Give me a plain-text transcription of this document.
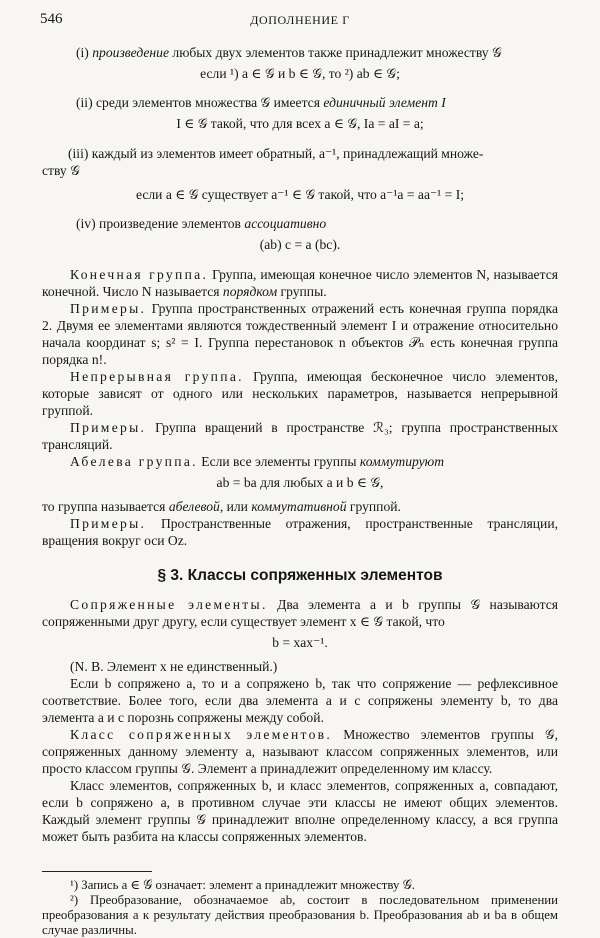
546	ДОПОЛНЕНИЕ Г
(i) произведение любых двух элементов также принадлежит множеству 𝒢
если ¹) a ∈ 𝒢 и b ∈ 𝒢, то ²) ab ∈ 𝒢;
(ii) среди элементов множества 𝒢 имеется единичный элемент I
I ∈ 𝒢 такой, что для всех a ∈ 𝒢, Ia = aI = a;
(iii) каждый из элементов имеет обратный, a⁻¹, принадлежащий множе-
ству 𝒢
если a ∈ 𝒢 существует a⁻¹ ∈ 𝒢 такой, что a⁻¹a = aa⁻¹ = I;
(iv) произведение элементов ассоциативно
(ab) c = a (bc).

Конечная группа. Группа, имеющая конечное число элементов N, называется конечной. Число N называется порядком группы.

Примеры. Группа пространственных отражений есть конечная группа порядка 2. Двумя ее элементами являются тождественный элемент I и отражение относительно начала координат s; s² = I. Группа перестановок n объектов 𝒫ₙ есть конечная группа порядка n!.

Непрерывная группа. Группа, имеющая бесконечное число элементов, которые зависят от одного или нескольких параметров, называется непрерывной группой.

Примеры. Группа вращений в пространстве ℛ₃; группа пространственных трансляций.

Абелева группа. Если все элементы группы коммутируют

ab = ba для любых a и b ∈ 𝒢,

то группа называется абелевой, или коммутативной группой.

Примеры. Пространственные отражения, пространственные трансляции, вращения вокруг оси Oz.

§ 3. Классы сопряженных элементов

Сопряженные элементы. Два элемента a и b группы 𝒢 называются сопряженными друг другу, если существует элемент x ∈ 𝒢 такой, что

b = xax⁻¹.

(N. B. Элемент x не единственный.)

Если b сопряжено a, то и a сопряжено b, так что сопряжение — рефлексивное соответствие. Более того, если два элемента a и c сопряжены элементу b, то два элемента a и c порознь сопряжены между собой.

Класс сопряженных элементов. Множество элементов группы 𝒢, сопряженных данному элементу a, называют классом сопряженных элементов, или просто классом группы 𝒢. Элемент a принадлежит определенному им классу.

Класс элементов, сопряженных b, и класс элементов, сопряженных a, совпадают, если b сопряжено a, в противном случае эти классы не имеют общих элементов. Каждый элемент группы 𝒢 принадлежит вполне определенному классу, а вся группа может быть разбита на классы сопряженных элементов.

¹) Запись a ∈ 𝒢 означает: элемент a принадлежит множеству 𝒢.

²) Преобразование, обозначаемое ab, состоит в последовательном применении преобразования a к результату действия преобразования b. Преобразования ab и ba в общем случае различны.
